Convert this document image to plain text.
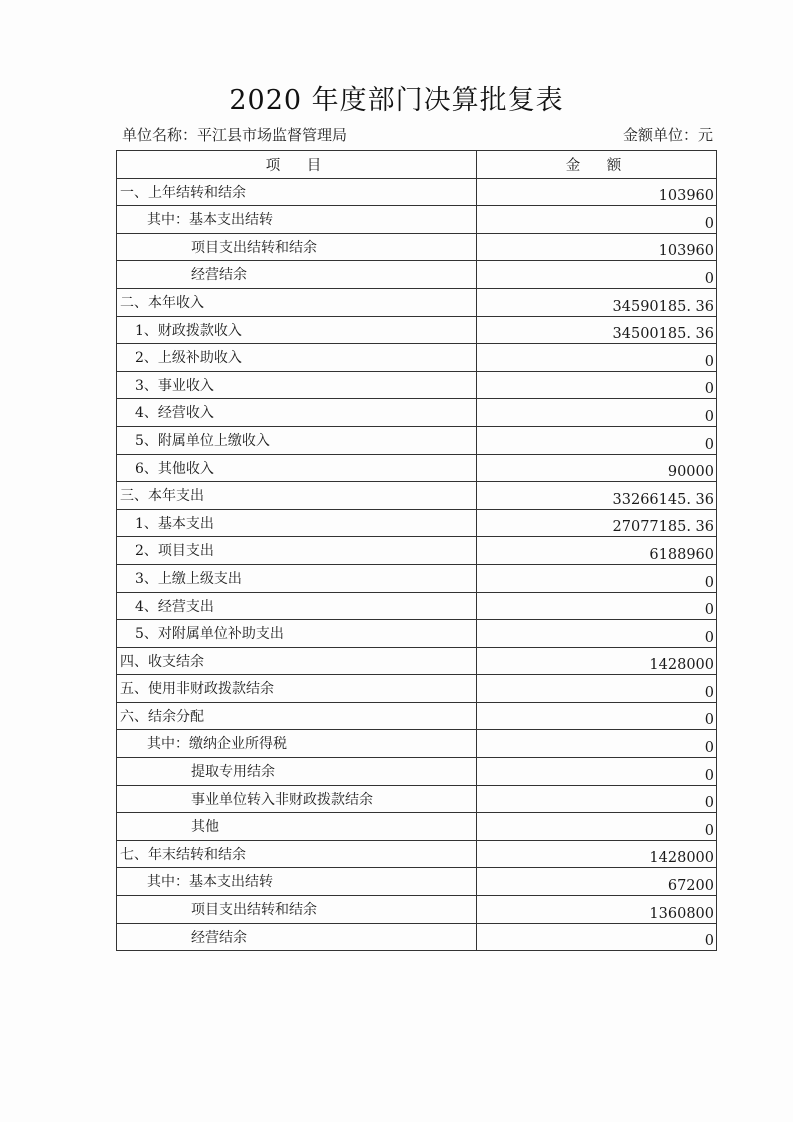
2020 年度部门决算批复表
单位名称：平江县市场监督管理局	金额单位：元
项　目	金　额
一、上年结转和结余	103960
其中：基本支出结转	0
项目支出结转和结余	103960
经营结余	0
二、本年收入	34590185. 36
1、财政拨款收入	34500185. 36
2、上级补助收入	0
3、事业收入	0
4、经营收入	0
5、附属单位上缴收入	0
6、其他收入	90000
三、本年支出	33266145. 36
1、基本支出	27077185. 36
2、项目支出	6188960
3、上缴上级支出	0
4、经营支出	0
5、对附属单位补助支出	0
四、收支结余	1428000
五、使用非财政拨款结余	0
六、结余分配	0
其中：缴纳企业所得税	0
提取专用结余	0
事业单位转入非财政拨款结余	0
其他	0
七、年末结转和结余	1428000
其中：基本支出结转	67200
项目支出结转和结余	1360800
经营结余	0
